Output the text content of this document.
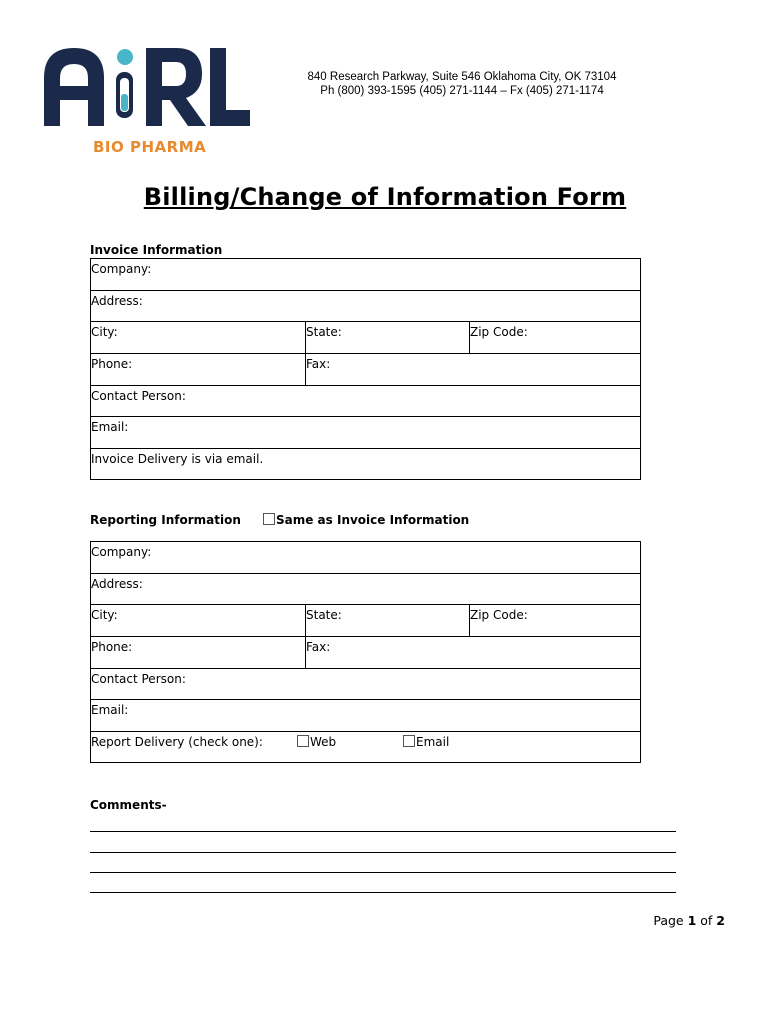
BIO PHARMA
840 Research Parkway, Suite 546 Oklahoma City, OK 73104
Ph (800) 393-1595 (405) 271-1144 – Fx (405) 271-1174
Billing/Change of Information Form
Invoice Information
Company:
Address:
City:	State:	Zip Code:
Phone:	Fax:
Contact Person:
Email:
Invoice Delivery is via email.
Reporting Information	Same as Invoice Information
Company:
Address:
City:	State:	Zip Code:
Phone:	Fax:
Contact Person:
Email:
Report Delivery (check one):	Web	Email
Comments-
Page 1 of 2
